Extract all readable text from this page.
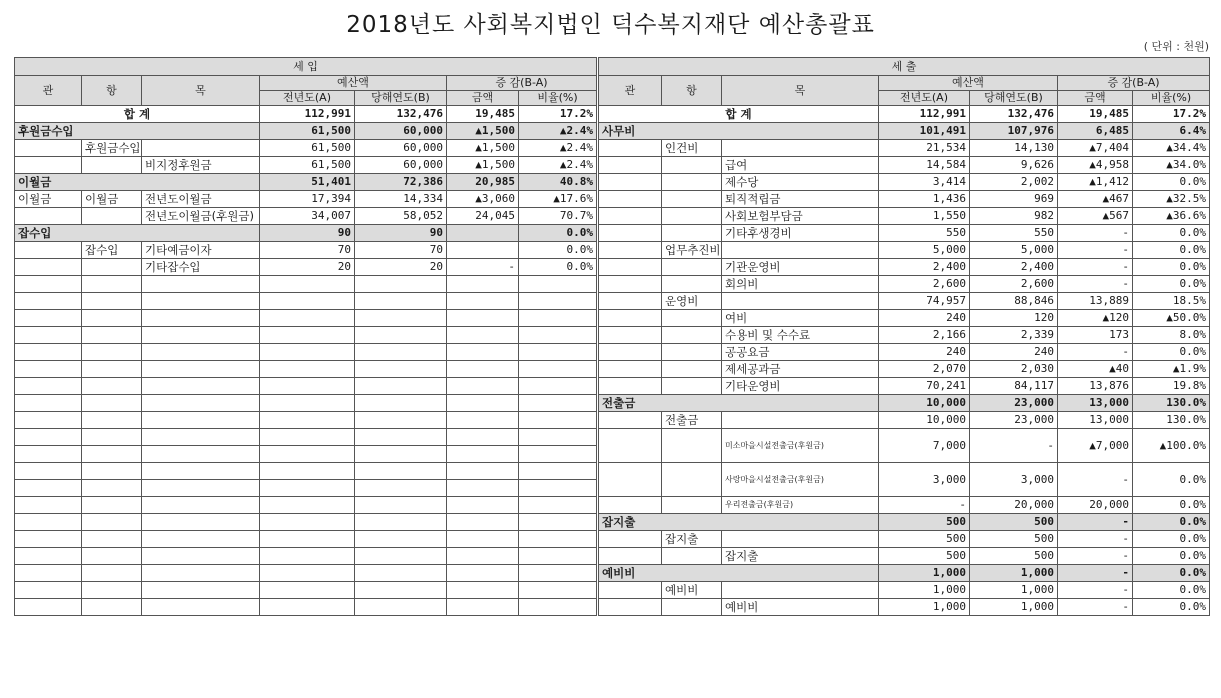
2018년도 사회복지법인 덕수복지재단 예산총괄표
( 단위 : 천원)
세 입						
관	항	목	예산액		증 감(B-A)	
			전년도(A)	당해연도(B)	금액	비율(%)
합 계			112,991	132,476	19,485	17.2%
후원금수입			61,500	60,000	▲1,500	▲2.4%
	후원금수입		61,500	60,000	▲1,500	▲2.4%
		비지정후원금	61,500	60,000	▲1,500	▲2.4%
이월금			51,401	72,386	20,985	40.8%
이월금	이월금	전년도이월금	17,394	14,334	▲3,060	▲17.6%
		전년도이월금(후원금)	34,007	58,052	24,045	70.7%
잡수입			90	90		0.0%
	잡수입	기타예금이자	70	70		0.0%
		기타잡수입	20	20	-	0.0%

세 출						
관	항	목	예산액		증 감(B-A)	
			전년도(A)	당해연도(B)	금액	비율(%)
합 계			112,991	132,476	19,485	17.2%
사무비			101,491	107,976	6,485	6.4%
	인건비		21,534	14,130	▲7,404	▲34.4%
		급여	14,584	9,626	▲4,958	▲34.0%
		제수당	3,414	2,002	▲1,412	0.0%
		퇴직적립금	1,436	969	▲467	▲32.5%
		사회보험부담금	1,550	982	▲567	▲36.6%
		기타후생경비	550	550	-	0.0%
	업무추진비		5,000	5,000	-	0.0%
		기관운영비	2,400	2,400	-	0.0%
		회의비	2,600	2,600	-	0.0%
	운영비		74,957	88,846	13,889	18.5%
		여비	240	120	▲120	▲50.0%
		수용비 및 수수료	2,166	2,339	173	8.0%
		공공요금	240	240	-	0.0%
		제세공과금	2,070	2,030	▲40	▲1.9%
		기타운영비	70,241	84,117	13,876	19.8%
전출금			10,000	23,000	13,000	130.0%
	전출금		10,000	23,000	13,000	130.0%
		미소마을시설전출금(후원금)	7,000	-	▲7,000	▲100.0%
		사랑마을시설전출금(후원금)	3,000	3,000	-	0.0%
		우리전출금(후원금)	-	20,000	20,000	0.0%
잡지출			500	500	-	0.0%
	잡지출		500	500	-	0.0%
		잡지출	500	500	-	0.0%
예비비			1,000	1,000	-	0.0%
	예비비		1,000	1,000	-	0.0%
		예비비	1,000	1,000	-	0.0%
